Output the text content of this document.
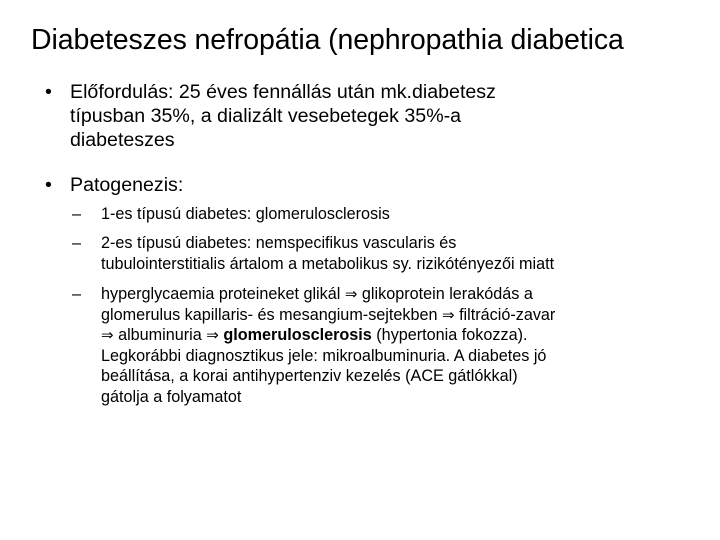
Diabeteszes nefropátia (nephropathia diabetica
• Előfordulás: 25 éves fennállás után mk.diabetesz
típusban 35%, a dializált vesebetegek 35%-a
diabeteszes
• Patogenezis:
– 1-es típusú diabetes: glomerulosclerosis
– 2-es típusú diabetes: nemspecifikus vascularis és
tubulointerstitialis ártalom a metabolikus sy. rizikótényezői miatt
– hyperglycaemia proteineket glikál ⇒ glikoprotein lerakódás a
glomerulus kapillaris- és mesangium-sejtekben ⇒ filtráció-zavar
⇒ albuminuria ⇒ glomerulosclerosis (hypertonia fokozza).
Legkorábbi diagnosztikus jele: mikroalbuminuria. A diabetes jó
beállítása, a korai antihypertenziv kezelés (ACE gátlókkal)
gátolja a folyamatot
